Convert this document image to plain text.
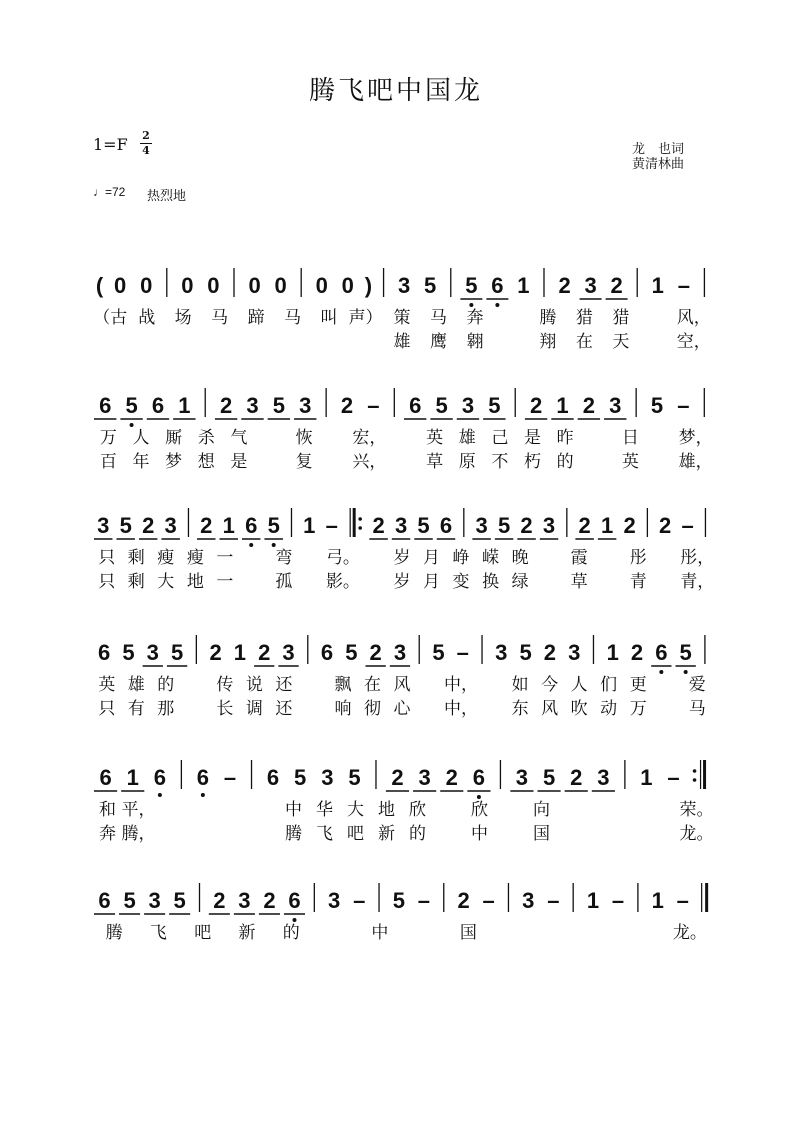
腾飞吧中国龙
1=F 2
4	龙　也词
黄清林曲
♩=72 热烈地
( 0 0 0 0 0 0 0 0 ) 3 5 5 6 1 2 3 2 1 –
（古 战 场 马 蹄 马 叫 声） 策 马 奔	腾 猎 猎	风，
雄 鹰 翱	翔 在 天	空，
6 5 6 1 2 3 5 3 2 – 6 5 3 5 2 1 2 3 5 –
万 人 厮 杀 气	恢 宏， 英 雄 己 是 昨	日 梦，
百 年 梦 想 是	复 兴， 草 原 不 朽 的	英 雄，
3 5 2 3 2 1 6 5 1 – 2 3 5 6 3 5 2 3 2 1 2 2 –
只 剩 瘦 瘦 一 弯 弓。 岁 月 峥 嵘 晚 霞 彤 彤，
只 剩 大 地 一 孤 影。 岁 月 变 换 绿 草 青 青，
6 5 3 5 2 1 2 3 6 5 2 3 5 – 3 5 2 3 1 2 6 5
英 雄 的 传 说 还 飘 在 风 中， 如 今 人 们 更 爱
只 有 那 长 调 还 响 彻 心 中， 东 风 吹 动 万 马
6 1 6 6 – 6 5 3 5 2 3 2 6 3 5 2 3 1 –
和 平，	中 华 大 地 欣	欣	向	荣。
奔 腾，	腾 飞 吧 新 的	中	国	龙。
6 5 3 5 2 3 2 6 3 – 5 – 2 – 3 – 1 – 1 –
腾 飞 吧 新 的	中	国	龙。
